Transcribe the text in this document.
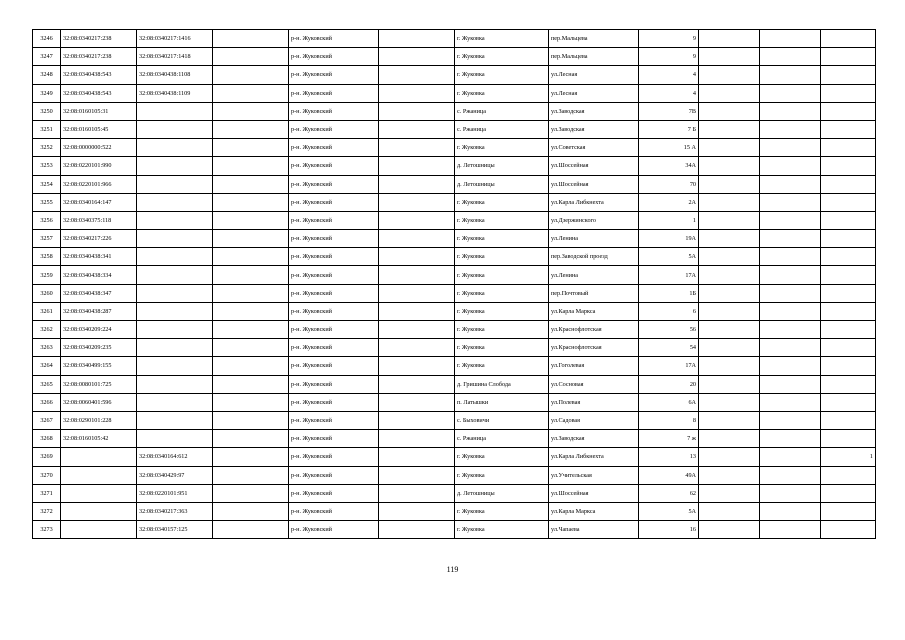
3246	32:08:0340217:238	32:08:0340217:1416		р-н. Жуковский		г. Жуковка	пер.Мальцева	9			
3247	32:08:0340217:238	32:08:0340217:1418		р-н. Жуковский		г. Жуковка	пер.Мальцева	9			
3248	32:08:0340438:543	32:08:0340438:1108		р-н. Жуковский		г. Жуковка	ул.Лесная	4			
3249	32:08:0340438:543	32:08:0340438:1109		р-н. Жуковский		г. Жуковка	ул.Лесная	4			
3250	32:08:0160105:31			р-н. Жуковский		с. Ржаница	ул.Заводская	7В			
3251	32:08:0160105:45			р-н. Жуковский		с. Ржаница	ул.Заводская	7 Б			
3252	32:08:0000000:522			р-н. Жуковский		г. Жуковка	ул.Советская	15 А			
3253	32:08:0220101:990			р-н. Жуковский		д. Летошницы	ул.Шоссейная	34А			
3254	32:08:0220101:966			р-н. Жуковский		д. Летошницы	ул.Шоссейная	70			
3255	32:08:0340164:147			р-н. Жуковский		г. Жуковка	ул.Карла Либкнехта	2А			
3256	32:08:0340375:118			р-н. Жуковский		г. Жуковка	ул.Дзержинского	1			
3257	32:08:0340217:226			р-н. Жуковский		г. Жуковка	ул.Ленина	19А			
3258	32:08:0340438:341			р-н. Жуковский		г. Жуковка	пер.Заводской проезд	5А			
3259	32:08:0340438:334			р-н. Жуковский		г. Жуковка	ул.Ленина	17А			
3260	32:08:0340438:347			р-н. Жуковский		г. Жуковка	пер.Почтовый	1Б			
3261	32:08:0340438:287			р-н. Жуковский		г. Жуковка	ул.Карла Маркса	6			
3262	32:08:0340209:224			р-н. Жуковский		г. Жуковка	ул.Краснофлотская	56			
3263	32:08:0340209:235			р-н. Жуковский		г. Жуковка	ул.Краснофлотская	54			
3264	32:08:0340499:155			р-н. Жуковский		г. Жуковка	ул.Гоголевая	17А			
3265	32:08:0080101:725			р-н. Жуковский		д. Гришина Слобода	ул.Сосновая	20			
3266	32:08:0060401:596			р-н. Жуковский		п. Латышки	ул.Полевая	6А			
3267	32:08:0290101:228			р-н. Жуковский		с. Быховичи	ул.Садовая	8			
3268	32:08:0160105:42			р-н. Жуковский		с. Ржаница	ул.Заводская	7 ж			
3269		32:08:0340164:612		р-н. Жуковский		г. Жуковка	ул.Карла Либкнехта	13			1
3270		32:08:0340429:97		р-н. Жуковский		г. Жуковка	ул.Учительская	49А			
3271		32:08:0220101:951		р-н. Жуковский		д. Летошницы	ул.Шоссейная	62			
3272		32:08:0340217:363		р-н. Жуковский		г. Жуковка	ул.Карла Маркса	5А			
3273		32:08:0340157:125		р-н. Жуковский		г. Жуковка	ул.Чапаева	16			
119
